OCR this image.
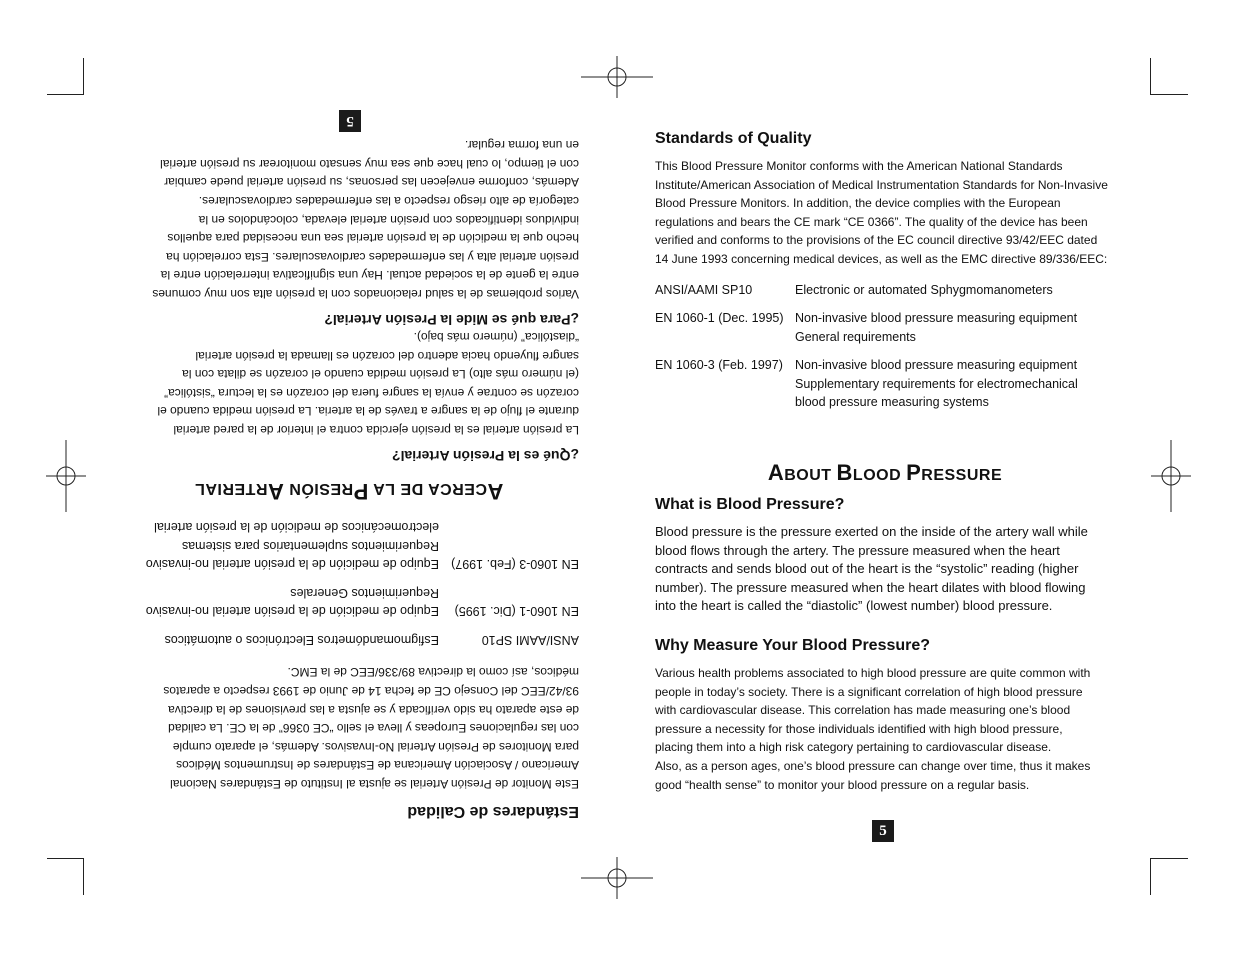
Estándares de Calidad

Este Monitor de Presión Arterial se ajusta al Instituto de Estándares Nacional

Americano / Asociación Americana de Estándares de Instrumentos Médicos

para Monitores de Presión Arterial No-Invasivos. Además, el aparato cumple

con las regulaciones Europeas y lleva el sello “CE 0366” de la CE. La calidad

de este aparato ha sido verificada y se ajusta a las previsiones de la directiva

93/42/EEC del Consejo CE de fecha 14 de Junio de 1993 respecto a aparatos

médicos, así como la directiva 89/336/EEC de la EMC.

ANSI/AAMI SP10
Esfigmomandómetros Electrónicos o automáticos
EN 1060-1 (Dic. 1995)
Equipo de medición de la presión arterial no-invasivo
Requerimientos Generales
EN 1060-3 (Feb. 1997)
Equipo de medición de la presión arterial no-invasivo
Requerimientos suplementarios para sistemas
electromecánicos de medición de la presión arterial
ACERCA DE LA PRESIÓN ARTERIAL
¿Qué es la Presión Arterial?

La presión arterial es la presión ejercida contra el interior de la pared arterial

durante el flujo de la sangre a través de la arteria. La presión medida cuando el

corazón se contrae y envía la sangre fuera del corazón es la lectura “sistólica”

(el número más alto) La presión medida cuando el corazón se dilata con la

sangre fluyendo hacia adentro del corazón es llamada la presión arterial

“diastólica” (número más bajo).

¿Para qué se Mide la Presión Arterial?

Varios problemas de la salud relacionados con la presión alta son muy comunes

entre la gente de la sociedad actual. Hay una significativa interrelación entre la

presión arterial alta y las enfermedades cardiovasculares. Esta correlación ha

hecho que la medición de la presión arterial sea una necesidad para aquellos

individuos identificados con presión arterial elevada, colocándolos en la

categoría de alto riesgo respecto a las enfermedades cardiovasculares.

Además, conforme envejecen las personas, su presión arterial puede cambiar

con el tiempo, lo cual hace que sea muy sensato monitorear su presión arterial

en una forma regular.

5
Standards of Quality

This Blood Pressure Monitor conforms with the American National Standards

Institute/American Association of Medical Instrumentation Standards for Non-Invasive

Blood Pressure Monitors. In addition, the device complies with the European

regulations and bears the CE mark “CE 0366”. The quality of the device has been

verified and conforms to the provisions of the EC council directive 93/42/EEC dated

14 June 1993 concerning medical devices, as well as the EMC directive 89/336/EEC:

ANSI/AAMI SP10	Electronic or automated Sphygmomanometers
EN 1060-1 (Dec. 1995) Non-invasive blood pressure measuring equipment
General requirements
EN 1060-3 (Feb. 1997) Non-invasive blood pressure measuring equipment
Supplementary requirements for electromechanical
blood pressure measuring systems
ABOUT BLOOD PRESSURE
What is Blood Pressure?

Blood pressure is the pressure exerted on the inside of the artery wall while

blood flows through the artery. The pressure measured when the heart

contracts and sends blood out of the heart is the “systolic” reading (higher

number). The pressure measured when the heart dilates with blood flowing

into the heart is called the “diastolic” (lowest number) blood pressure.

Why Measure Your Blood Pressure?

Various health problems associated to high blood pressure are quite common with

people in today’s society. There is a significant correlation of high blood pressure

with cardiovascular disease. This correlation has made measuring one’s blood

pressure a necessity for those individuals identified with high blood pressure,

placing them into a high risk category pertaining to cardiovascular disease.

Also, as a person ages, one’s blood pressure can change over time, thus it makes

good “health sense” to monitor your blood pressure on a regular basis.

5
